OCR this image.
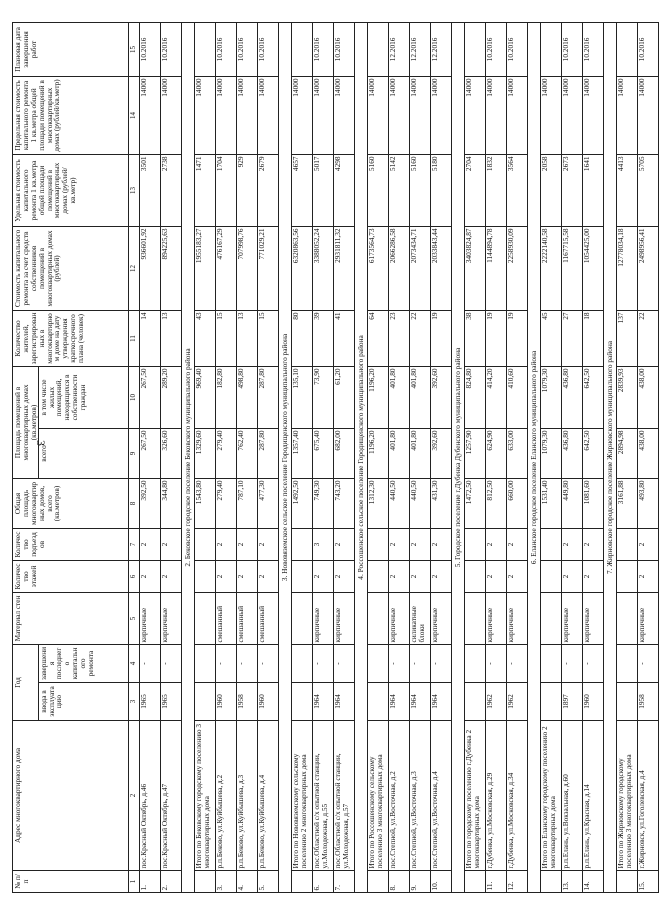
3
№ п/п	Адрес многоквартирного дома	Год		Материал стен	Количество этажей	Количество подъездов	Общая площадь многоквартирных домов, всего (кв.метров)	Площадь помещений в многоквартирных домах (кв.метров)		Количество жителей, зарегистрированных в многоквартирном доме на дату утверждения краткосрочного плана (человек)	Стоимость капитального ремонта за счет средств собственников помещений в многоквартирных домах (рублей)	Удельная стоимость капитального ремонта 1 кв.метра общей площади помещений в многоквартирных домах (рублей/кв.метр)	Предельная стоимость капитального ремонта 1 кв.метра общей площади помещений в многоквартирных домах (рублей/кв.метр)	Плановая дата завершения работ
		ввода в эксплуатацию	завершения последнего капитального ремонта					всего	в том числе жилых помещений, находящихся в собственности граждан					
1	2	3	4	5	6	7	8	9	10	11	12	13	14	15
1.	пос.Красный Октябрь, д.46	1965	-	кирпичные	2	2	392,50	267,50	267,50	14	936601,92	3501	14000	10.2016
2.	пос.Красный Октябрь, д.47	1965	-	кирпичные	2	2	344,80	326,60	289,20	13	894225,63	2738	14000	10.2016
2. Бековское городское поселение Бековского муниципального района														
	Итого по Бековскому городскому поселению 3 многоквартирных дома						1543,80	1329,60	969,40	43	1955183,27	1471	14000	
3.	р.п.Беково, ул.Куйбышева, д.2	1960	-	смешанный	2	2	279,40	279,40	182,80	15	476167,29	1704	14000	10.2016
4.	р.п.Беково, ул.Куйбышева, д.3	1958	-	смешанный	2	2	787,10	762,40	498,80	13	707998,76	929	14000	10.2016
5.	р.п.Беково, ул.Куйбышева, д.4	1960	-	смешанный	2	2	477,30	287,80	287,80	15	771029,21	2679	14000	10.2016
3. Нововяземское сельское поселение Городищенского муниципального района														
	Итого по Нововяземскому сельскому поселению 2 многоквартирных дома						1492,50	1357,40	135,10	80	6320863,56	4657	14000	
6.	пос.Областной с/х опытной станции, ул.Молодежная, д.55	1964	-	кирпичные	2	3	749,30	675,40	73,90	39	3388052,24	5017	14000	10.2016
7.	пос.Областной с/х опытной станции, ул.Молодежная, д.57	1964	-	кирпичные	2	2	743,20	682,00	61,20	41	2931811,32	4298	14000	10.2016
4. Россошенское сельское поселение Городищенского муниципального района														
	Итого по Россошенскому сельскому поселению 3 многоквартирных дома						1312,30	1196,20	1196,20	64	6173564,73	5160	14000	
8.	пос.Степной, ул.Восточная, д.2	1964	-	кирпичные	2	2	440,50	401,80	401,80	23	2066286,58	5142	14000	12.2016
9.	пос.Степной, ул.Восточная, д.3	1964	-	силикатные блоки	2	2	440,50	401,80	401,80	22	2073434,71	5160	14000	12.2016
10.	пос.Степной, ул.Восточная, д.4	1964	-	кирпичные	2	2	431,30	392,60	392,60	19	2033843,44	5180	14000	12.2016
5. Городское поселение г.Дубенка Дубенского муниципального района														
	Итого по городскому поселению г.Дубенка 2 многоквартирных дома						1472,50	1257,90	824,80	38	3403824,87	2704	14000	
11.	г.Дубенка, ул.Московская, д.29	1962	-	кирпичные	2	2	812,50	624,90	414,20	19	1144894,78	1832	14000	10.2016
12.	г.Дубенка, ул.Московская, д.34	1962	-	кирпичные	2	2	660,00	633,00	410,60	19	2258930,09	3564	14000	10.2016
6. Еланское городское поселение Еланского муниципального района														
	Итого по Еланскому городскому поселению 2 многоквартирных дома						1531,40	1079,30	1079,30	45	2222140,58	2058	14000	
13.	р.п.Елань, ул.Вокзальная, д.60	1897	-	кирпичные	2	2	449,80	436,80	436,80	27	1167715,58	2673	14000	10.2016
14.	р.п.Елань, ул.Красная, д.14	1960	-	кирпичные	2	2	1081,60	642,50	642,50	18	1054425,00	1641	14000	10.2016
7. Жирновское городское поселение Жирновского муниципального района														
	Итого по Жирновскому городскому поселению 3 многоквартирных дома						3161,88	2894,98	2839,93	137	12778034,18	4413	14000	
15.	г.Жирновск, ул.Гоголевская, д.4	1958	-	кирпичные	2	2	493,80	438,00	438,00	22	2498956,41	5705	14000	10.2016
